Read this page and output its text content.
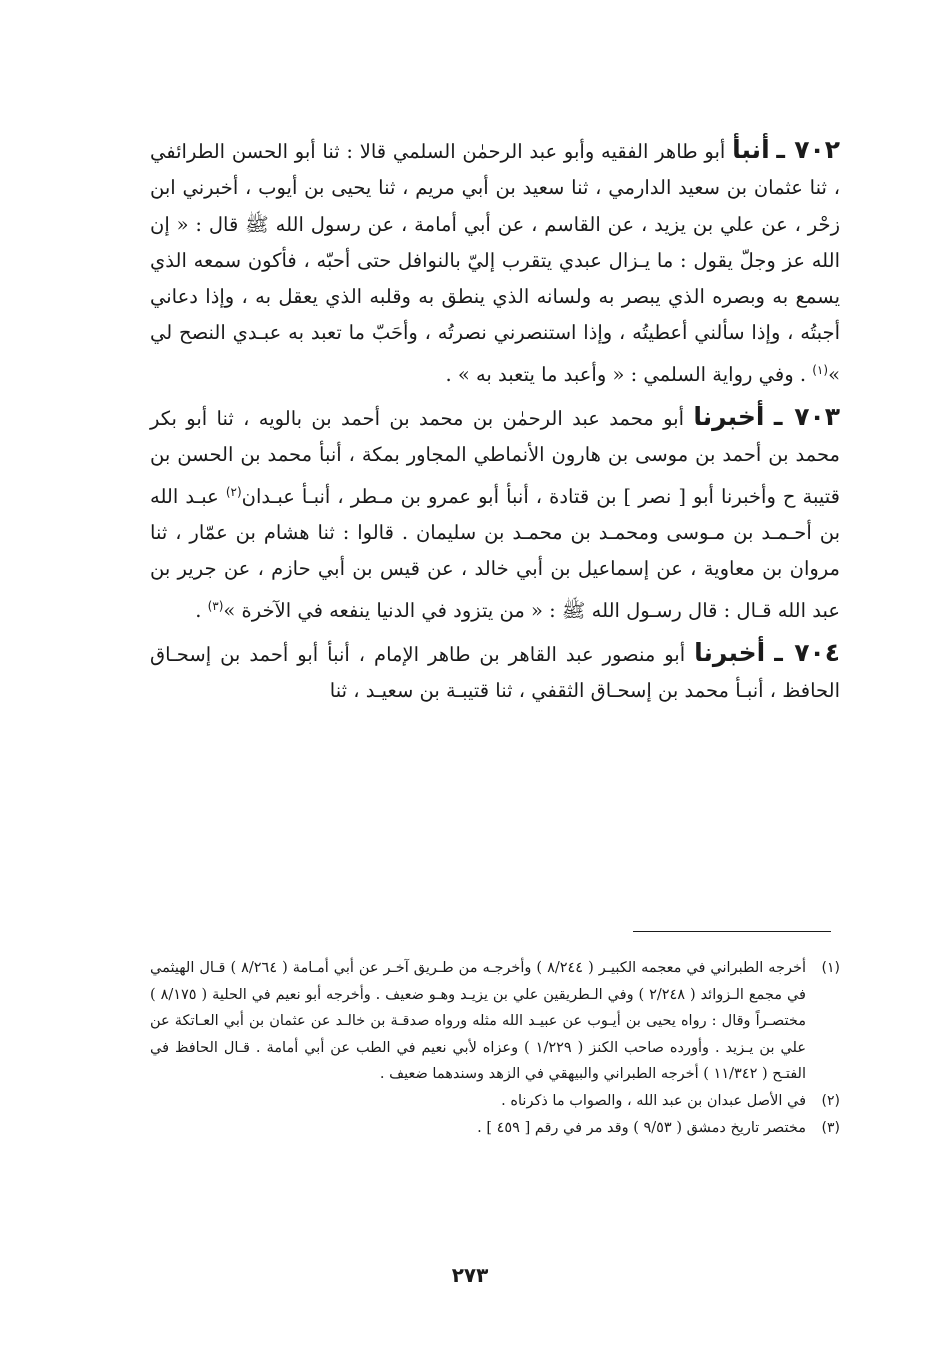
٧٠٢ ـ أنبأ أبو طاهر الفقيه وأبو عبد الرحمٰن السلمي قالا : ثنا أبو الحسن الطرائفي ، ثنا عثمان بن سعيد الدارمي ، ثنا سعيد بن أبي مريم ، ثنا يحيى بن أيوب ، أخبرني ابن زحْر ، عن علي بن يزيد ، عن القاسم ، عن أبي أمامة ، عن رسول الله ﷺ قال : « إن الله عز وجلّ يقول : ما يـزال عبدي يتقرب إليّ بالنوافل حتى أحبّه ، فأكون سمعه الذي يسمع به وبصره الذي يبصر به ولسانه الذي ينطق به وقلبه الذي يعقل به ، وإذا دعاني أجبتُه ، وإذا سألني أعطيتُه ، وإذا استنصرني نصرتُه ، وأحَبّ ما تعبد به عبـدي النصح لي »$^{(١)}$ . وفي رواية السلمي : « وأعبد ما يتعبد به » .

٧٠٣ ـ أخبرنا أبو محمد عبد الرحمٰن بن محمد بن أحمد بن بالويه ، ثنا أبو بكر محمد بن أحمد بن موسى بن هارون الأنماطي المجاور بمكة ، أنبأ محمد بن الحسن بن قتيبة ح وأخبرنا أبو [ نصر ] بن قتادة ، أنبأ أبو عمرو بن مـطر ، أنبـأ عبـدان$^{(٢)}$ عبـد الله بن أحـمـد بن مـوسى ومحمـد بن محمـد بن سليمان . قالوا : ثنا هشام بن عمّار ، ثنا مروان بن معاوية ، عن إسماعيل بن أبي خالد ، عن قيس بن أبي حازم ، عن جرير بن عبد الله قـال : قال رسـول الله ﷺ : « من يتزود في الدنيا ينفعه في الآخرة »$^{(٣)}$ .

٧٠٤ ـ أخبرنا أبو منصور عبد القاهر بن طاهر الإمام ، أنبأ أبو أحمد بن إسحـاق الحافظ ، أنبـأ محمد بن إسحـاق الثقفي ، ثنا قتيبـة بن سعيـد ، ثنا

(١)
أخرجه الطبراني في معجمه الكبيـر ( ٨/٢٤٤ ) وأخرجـه من طـريق آخـر عن أبي أمـامة ( ٨/٢٦٤ ) قـال الهيثمي في مجمع الـزوائد ( ٢/٢٤٨ ) وفي الـطريقين علي بن يزيـد وهـو ضعيف . وأخرجه أبو نعيم في الحلية ( ٨/١٧٥ ) مختصـراً وقال : رواه يحيى بن أيـوب عن عبيـد الله مثله ورواه صدقـة بن خالـد عن عثمان بن أبي العـاتكة عن علي بن يـزيد . وأورده صاحب الكنز ( ١/٢٢٩ ) وعزاه لأبي نعيم في الطب عن أبي أمامة . قـال الحافظ في الفتـح ( ١١/٣٤٢ ) أخرجه الطبراني والبيهقي في الزهد وسندهما ضعيف .

(٢)
في الأصل عبدان بن عبد الله ، والصواب ما ذكرناه .

(٣)
مختصر تاريخ دمشق ( ٩/٥٣ ) وقد مر في رقم [ ٤٥٩ ] .

٢٧٣
